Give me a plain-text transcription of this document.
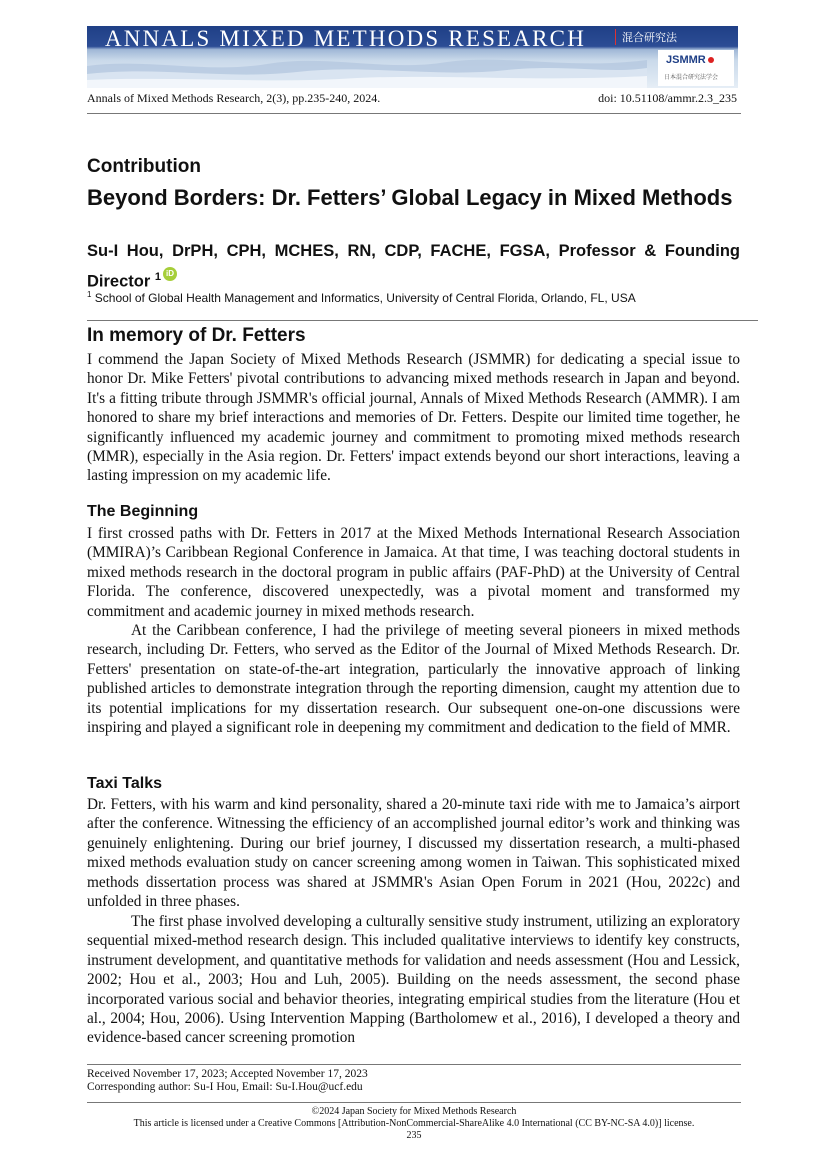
ANNALS MIXED METHODS RESEARCH	混合研究法
JSMMR
日本混合研究法学会
Annals of Mixed Methods Research, 2(3), pp.235-240, 2024.	doi: 10.51108/ammr.2.3_235
Contribution
Beyond Borders: Dr. Fetters’ Global Legacy in Mixed Methods
Su-I Hou, DrPH, CPH, MCHES, RN, CDP, FACHE, FGSA, Professor & Founding Director $^1$ iD
$^1$ School of Global Health Management and Informatics, University of Central Florida, Orlando, FL, USA
In memory of Dr. Fetters

I commend the Japan Society of Mixed Methods Research (JSMMR) for dedicating a special issue to honor Dr. Mike Fetters' pivotal contributions to advancing mixed methods research in Japan and beyond. It's a fitting tribute through JSMMR's official journal, Annals of Mixed Methods Research (AMMR). I am honored to share my brief interactions and memories of Dr. Fetters. Despite our limited time together, he significantly influenced my academic journey and commitment to promoting mixed methods research (MMR), especially in the Asia region. Dr. Fetters' impact extends beyond our short interactions, leaving a lasting impression on my academic life.

The Beginning

I first crossed paths with Dr. Fetters in 2017 at the Mixed Methods International Research Association (MMIRA)’s Caribbean Regional Conference in Jamaica. At that time, I was teaching doctoral students in mixed methods research in the doctoral program in public affairs (PAF-PhD) at the University of Central Florida. The conference, discovered unexpectedly, was a pivotal moment and transformed my commitment and academic journey in mixed methods research.

At the Caribbean conference, I had the privilege of meeting several pioneers in mixed methods research, including Dr. Fetters, who served as the Editor of the Journal of Mixed Methods Research. Dr. Fetters' presentation on state-of-the-art integration, particularly the innovative approach of linking published articles to demonstrate integration through the reporting dimension, caught my attention due to its potential implications for my dissertation research. Our subsequent one-on-one discussions were inspiring and played a significant role in deepening my commitment and dedication to the field of MMR.

Taxi Talks

Dr. Fetters, with his warm and kind personality, shared a 20-minute taxi ride with me to Jamaica’s airport after the conference. Witnessing the efficiency of an accomplished journal editor’s work and thinking was genuinely enlightening. During our brief journey, I discussed my dissertation research, a multi-phased mixed methods evaluation study on cancer screening among women in Taiwan. This sophisticated mixed methods dissertation process was shared at JSMMR's Asian Open Forum in 2021 (Hou, 2022c) and unfolded in three phases.

The first phase involved developing a culturally sensitive study instrument, utilizing an exploratory sequential mixed-method research design. This included qualitative interviews to identify key constructs, instrument development, and quantitative methods for validation and needs assessment (Hou and Lessick, 2002; Hou et al., 2003; Hou and Luh, 2005). Building on the needs assessment, the second phase incorporated various social and behavior theories, integrating empirical studies from the literature (Hou et al., 2004; Hou, 2006). Using Intervention Mapping (Bartholomew et al., 2016), I developed a theory and evidence-based cancer screening promotion

Received November 17, 2023; Accepted November 17, 2023
Corresponding author: Su-I Hou, Email: Su-I.Hou@ucf.edu
©2024 Japan Society for Mixed Methods Research
This article is licensed under a Creative Commons [Attribution-NonCommercial-ShareAlike 4.0 International (CC BY-NC-SA 4.0)] license.
235
